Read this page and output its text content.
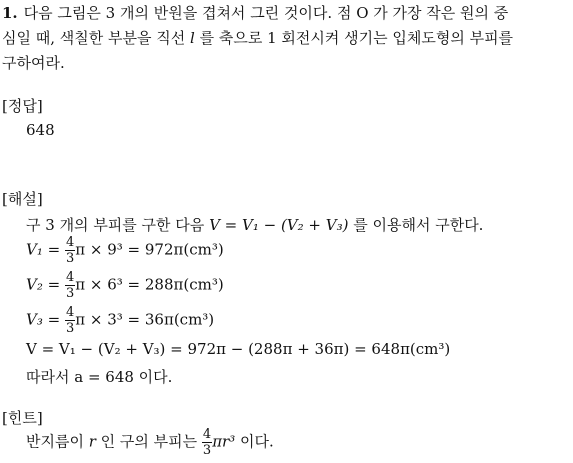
1. 다음 그림은 3 개의 반원을 겹쳐서 그린 것이다. 점 O 가 가장 작은 원의 중
심일 때, 색칠한 부분을 직선 l 를 축으로 1 회전시켜 생기는 입체도형의 부피를
구하여라.
[정답]
648
[해설]
구 3 개의 부피를 구한 다음 V = V₁ − (V₂ + V₃) 를 이용해서 구한다.
$V_1 = \frac{4}{3}$ π × 9³ = 972π(cm³)
$V_2 = \frac{4}{3}$ π × 6³ = 288π(cm³)
$V_3 = \frac{4}{3}$ π × 3³ = 36π(cm³)
V = V₁ − (V₂ + V₃) = 972π − (288π + 36π) = 648π(cm³)
따라서 a = 648 이다.
[힌트]
반지름이 r 인 구의 부피는 $\frac{4}{3} \pi r^3$ 이다.
